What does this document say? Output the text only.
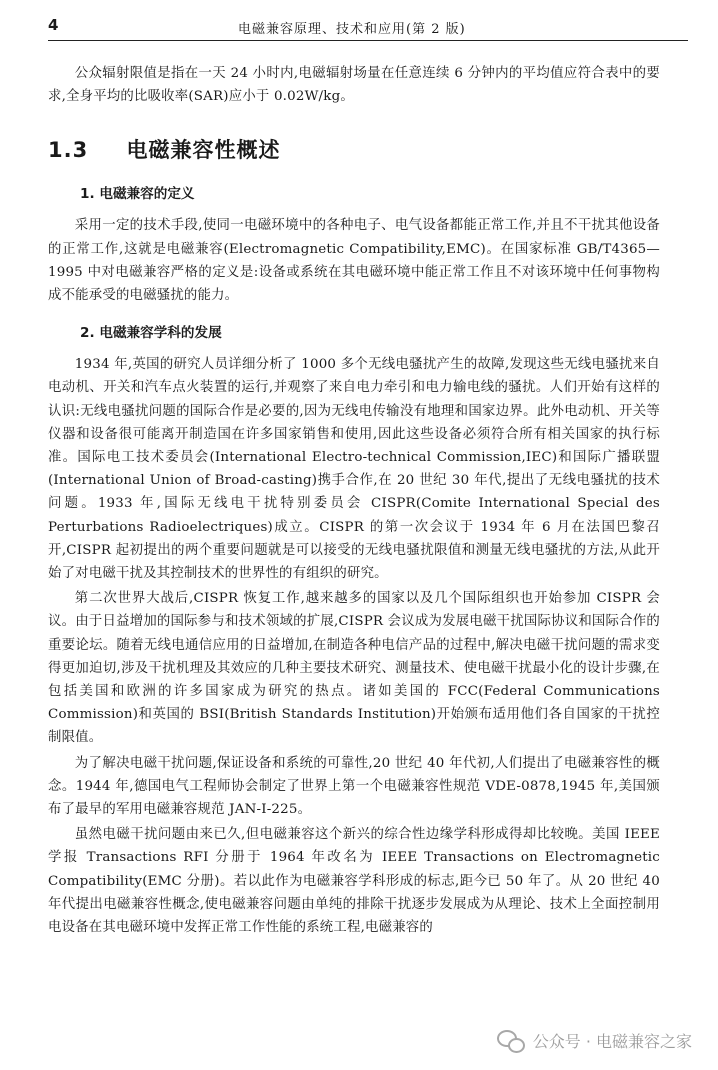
4	电磁兼容原理、技术和应用(第 2 版)

公众辐射限值是指在一天 24 小时内,电磁辐射场量在任意连续 6 分钟内的平均值应符合表中的要求,全身平均的比吸收率(SAR)应小于 0.02W/kg。

1.3 电磁兼容性概述
1. 电磁兼容的定义

采用一定的技术手段,使同一电磁环境中的各种电子、电气设备都能正常工作,并且不干扰其他设备的正常工作,这就是电磁兼容(Electromagnetic Compatibility,EMC)。在国家标准 GB/T4365—1995 中对电磁兼容严格的定义是:设备或系统在其电磁环境中能正常工作且不对该环境中任何事物构成不能承受的电磁骚扰的能力。

2. 电磁兼容学科的发展

1934 年,英国的研究人员详细分析了 1000 多个无线电骚扰产生的故障,发现这些无线电骚扰来自电动机、开关和汽车点火装置的运行,并观察了来自电力牵引和电力输电线的骚扰。人们开始有这样的认识:无线电骚扰问题的国际合作是必要的,因为无线电传输没有地理和国家边界。此外电动机、开关等仪器和设备很可能离开制造国在许多国家销售和使用,因此这些设备必须符合所有相关国家的执行标准。国际电工技术委员会(International Electro-technical Commission,IEC)和国际广播联盟(International Union of Broad-casting)携手合作,在 20 世纪 30 年代,提出了无线电骚扰的技术问题。1933 年,国际无线电干扰特别委员会 CISPR(Comite International Special des Perturbations Radioelectriques)成立。CISPR 的第一次会议于 1934 年 6 月在法国巴黎召开,CISPR 起初提出的两个重要问题就是可以接受的无线电骚扰限值和测量无线电骚扰的方法,从此开始了对电磁干扰及其控制技术的世界性的有组织的研究。

第二次世界大战后,CISPR 恢复工作,越来越多的国家以及几个国际组织也开始参加 CISPR 会议。由于日益增加的国际参与和技术领域的扩展,CISPR 会议成为发展电磁干扰国际协议和国际合作的重要论坛。随着无线电通信应用的日益增加,在制造各种电信产品的过程中,解决电磁干扰问题的需求变得更加迫切,涉及干扰机理及其效应的几种主要技术研究、测量技术、使电磁干扰最小化的设计步骤,在包括美国和欧洲的许多国家成为研究的热点。诸如美国的 FCC(Federal Communications Commission)和英国的 BSI(British Standards Institution)开始颁布适用他们各自国家的干扰控制限值。

为了解决电磁干扰问题,保证设备和系统的可靠性,20 世纪 40 年代初,人们提出了电磁兼容性的概念。1944 年,德国电气工程师协会制定了世界上第一个电磁兼容性规范 VDE-0878,1945 年,美国颁布了最早的军用电磁兼容规范 JAN-I-225。

虽然电磁干扰问题由来已久,但电磁兼容这个新兴的综合性边缘学科形成得却比较晚。美国 IEEE 学报 Transactions RFI 分册于 1964 年改名为 IEEE Transactions on Electromagnetic Compatibility(EMC 分册)。若以此作为电磁兼容学科形成的标志,距今已 50 年了。从 20 世纪 40 年代提出电磁兼容性概念,使电磁兼容问题由单纯的排除干扰逐步发展成为从理论、技术上全面控制用电设备在其电磁环境中发挥正常工作性能的系统工程,电磁兼容的

公众号 · 电磁兼容之家
